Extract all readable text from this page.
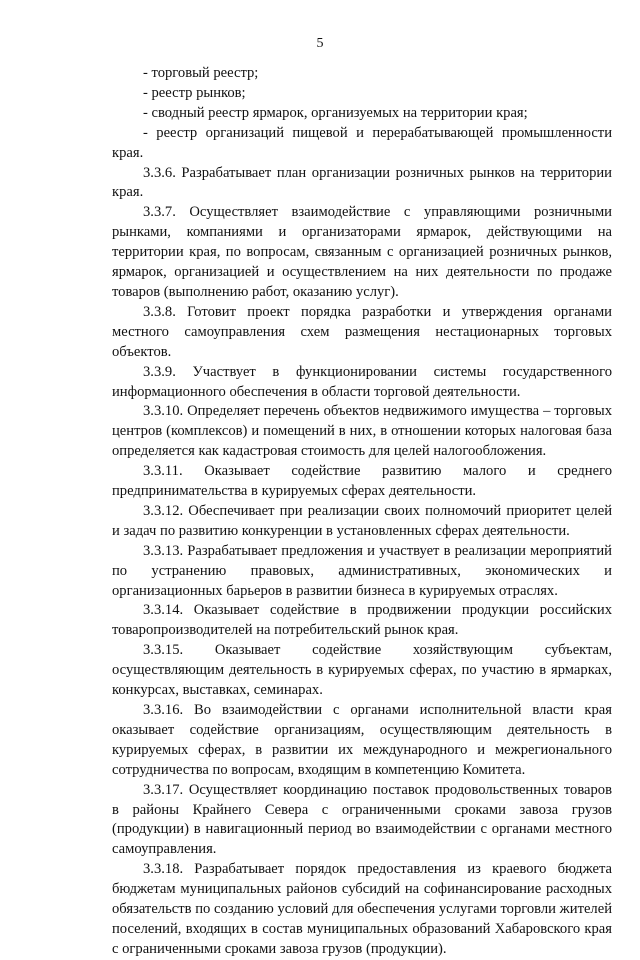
5

- торговый реестр;

- реестр рынков;

- сводный реестр ярмарок, организуемых на территории края;

- реестр организаций пищевой и перерабатывающей промышленности края.

3.3.6. Разрабатывает план организации розничных рынков на территории края.

3.3.7. Осуществляет взаимодействие с управляющими розничными рынками, компаниями и организаторами ярмарок, действующими на территории края, по вопросам, связанным с организацией розничных рынков, ярмарок, организацией и осуществлением на них деятельности по продаже товаров (выполнению работ, оказанию услуг).

3.3.8. Готовит проект порядка разработки и утверждения органами местного самоуправления схем размещения нестационарных торговых объектов.

3.3.9. Участвует в функционировании системы государственного информационного обеспечения в области торговой деятельности.

3.3.10. Определяет перечень объектов недвижимого имущества – торговых центров (комплексов) и помещений в них, в отношении которых налоговая база определяется как кадастровая стоимость для целей налогообложения.

3.3.11. Оказывает содействие развитию малого и среднего предпринимательства в курируемых сферах деятельности.

3.3.12. Обеспечивает при реализации своих полномочий приоритет целей и задач по развитию конкуренции в установленных сферах деятельности.

3.3.13. Разрабатывает предложения и участвует в реализации мероприятий по устранению правовых, административных, экономических и организационных барьеров в развитии бизнеса в курируемых отраслях.

3.3.14. Оказывает содействие в продвижении продукции российских товаропроизводителей на потребительский рынок края.

3.3.15. Оказывает содействие хозяйствующим субъектам, осуществляющим деятельность в курируемых сферах, по участию в ярмарках, конкурсах, выставках, семинарах.

3.3.16. Во взаимодействии с органами исполнительной власти края оказывает содействие организациям, осуществляющим деятельность в курируемых сферах, в развитии их международного и межрегионального сотрудничества по вопросам, входящим в компетенцию Комитета.

3.3.17. Осуществляет координацию поставок продовольственных товаров в районы Крайнего Севера с ограниченными сроками завоза грузов (продукции) в навигационный период во взаимодействии с органами местного самоуправления.

3.3.18. Разрабатывает порядок предоставления из краевого бюджета бюджетам муниципальных районов субсидий на софинансирование расходных обязательств по созданию условий для обеспечения услугами торговли жителей поселений, входящих в состав муниципальных образований Хабаровского края с ограниченными сроками завоза грузов (продукции).
